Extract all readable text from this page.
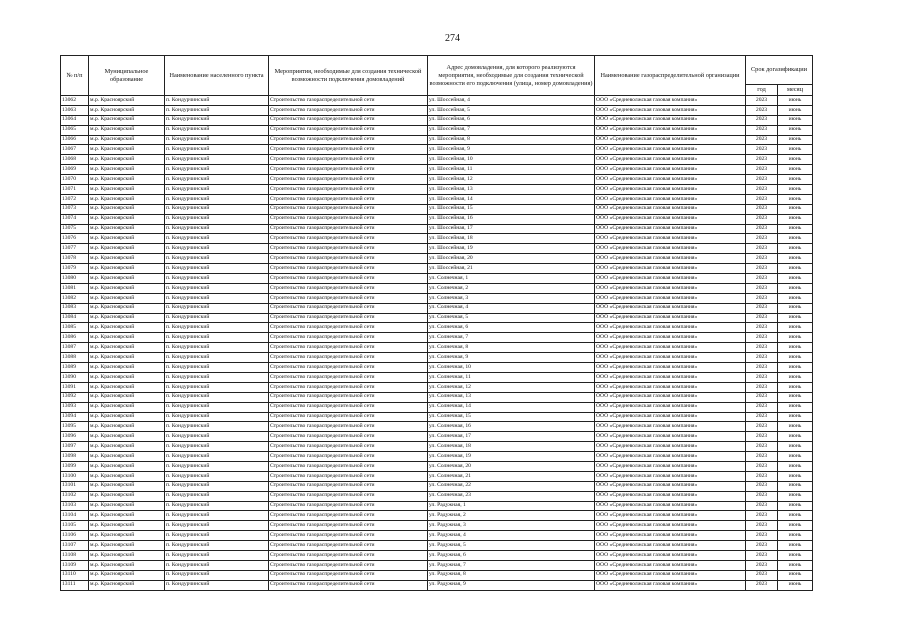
274
№ п/п	Муниципальное образование	Наименование населенного пункта	Мероприятия, необходимые для создания технической возможности подключения домовладений	Адрес домовладения, для которого реализуются мероприятия, необходимые для создания технической возможности его подключения (улица, номер домовладения)	Наименование газораспределительной организации	Срок догазификации	
						год	месяц
13062	м.р. Красноярский	п. Кондурчинский	Строительство газораспределительной сети	ул. Шоссейная, 4	ООО «Средневолжская газовая компания»	2023	июнь
13063	м.р. Красноярский	п. Кондурчинский	Строительство газораспределительной сети	ул. Шоссейная, 5	ООО «Средневолжская газовая компания»	2023	июнь
13064	м.р. Красноярский	п. Кондурчинский	Строительство газораспределительной сети	ул. Шоссейная, 6	ООО «Средневолжская газовая компания»	2023	июнь
13065	м.р. Красноярский	п. Кондурчинский	Строительство газораспределительной сети	ул. Шоссейная, 7	ООО «Средневолжская газовая компания»	2023	июнь
13066	м.р. Красноярский	п. Кондурчинский	Строительство газораспределительной сети	ул. Шоссейная, 8	ООО «Средневолжская газовая компания»	2023	июнь
13067	м.р. Красноярский	п. Кондурчинский	Строительство газораспределительной сети	ул. Шоссейная, 9	ООО «Средневолжская газовая компания»	2023	июнь
13068	м.р. Красноярский	п. Кондурчинский	Строительство газораспределительной сети	ул. Шоссейная, 10	ООО «Средневолжская газовая компания»	2023	июнь
13069	м.р. Красноярский	п. Кондурчинский	Строительство газораспределительной сети	ул. Шоссейная, 11	ООО «Средневолжская газовая компания»	2023	июнь
13070	м.р. Красноярский	п. Кондурчинский	Строительство газораспределительной сети	ул. Шоссейная, 12	ООО «Средневолжская газовая компания»	2023	июнь
13071	м.р. Красноярский	п. Кондурчинский	Строительство газораспределительной сети	ул. Шоссейная, 13	ООО «Средневолжская газовая компания»	2023	июнь
13072	м.р. Красноярский	п. Кондурчинский	Строительство газораспределительной сети	ул. Шоссейная, 14	ООО «Средневолжская газовая компания»	2023	июнь
13073	м.р. Красноярский	п. Кондурчинский	Строительство газораспределительной сети	ул. Шоссейная, 15	ООО «Средневолжская газовая компания»	2023	июнь
13074	м.р. Красноярский	п. Кондурчинский	Строительство газораспределительной сети	ул. Шоссейная, 16	ООО «Средневолжская газовая компания»	2023	июнь
13075	м.р. Красноярский	п. Кондурчинский	Строительство газораспределительной сети	ул. Шоссейная, 17	ООО «Средневолжская газовая компания»	2023	июнь
13076	м.р. Красноярский	п. Кондурчинский	Строительство газораспределительной сети	ул. Шоссейная, 18	ООО «Средневолжская газовая компания»	2023	июнь
13077	м.р. Красноярский	п. Кондурчинский	Строительство газораспределительной сети	ул. Шоссейная, 19	ООО «Средневолжская газовая компания»	2023	июнь
13078	м.р. Красноярский	п. Кондурчинский	Строительство газораспределительной сети	ул. Шоссейная, 20	ООО «Средневолжская газовая компания»	2023	июнь
13079	м.р. Красноярский	п. Кондурчинский	Строительство газораспределительной сети	ул. Шоссейная, 21	ООО «Средневолжская газовая компания»	2023	июнь
13080	м.р. Красноярский	п. Кондурчинский	Строительство газораспределительной сети	ул. Солнечная, 1	ООО «Средневолжская газовая компания»	2023	июнь
13081	м.р. Красноярский	п. Кондурчинский	Строительство газораспределительной сети	ул. Солнечная, 2	ООО «Средневолжская газовая компания»	2023	июнь
13082	м.р. Красноярский	п. Кондурчинский	Строительство газораспределительной сети	ул. Солнечная, 3	ООО «Средневолжская газовая компания»	2023	июнь
13083	м.р. Красноярский	п. Кондурчинский	Строительство газораспределительной сети	ул. Солнечная, 4	ООО «Средневолжская газовая компания»	2023	июнь
13084	м.р. Красноярский	п. Кондурчинский	Строительство газораспределительной сети	ул. Солнечная, 5	ООО «Средневолжская газовая компания»	2023	июнь
13085	м.р. Красноярский	п. Кондурчинский	Строительство газораспределительной сети	ул. Солнечная, 6	ООО «Средневолжская газовая компания»	2023	июнь
13086	м.р. Красноярский	п. Кондурчинский	Строительство газораспределительной сети	ул. Солнечная, 7	ООО «Средневолжская газовая компания»	2023	июнь
13087	м.р. Красноярский	п. Кондурчинский	Строительство газораспределительной сети	ул. Солнечная, 8	ООО «Средневолжская газовая компания»	2023	июнь
13088	м.р. Красноярский	п. Кондурчинский	Строительство газораспределительной сети	ул. Солнечная, 9	ООО «Средневолжская газовая компания»	2023	июнь
13089	м.р. Красноярский	п. Кондурчинский	Строительство газораспределительной сети	ул. Солнечная, 10	ООО «Средневолжская газовая компания»	2023	июнь
13090	м.р. Красноярский	п. Кондурчинский	Строительство газораспределительной сети	ул. Солнечная, 11	ООО «Средневолжская газовая компания»	2023	июнь
13091	м.р. Красноярский	п. Кондурчинский	Строительство газораспределительной сети	ул. Солнечная, 12	ООО «Средневолжская газовая компания»	2023	июнь
13092	м.р. Красноярский	п. Кондурчинский	Строительство газораспределительной сети	ул. Солнечная, 13	ООО «Средневолжская газовая компания»	2023	июнь
13093	м.р. Красноярский	п. Кондурчинский	Строительство газораспределительной сети	ул. Солнечная, 14	ООО «Средневолжская газовая компания»	2023	июнь
13094	м.р. Красноярский	п. Кондурчинский	Строительство газораспределительной сети	ул. Солнечная, 15	ООО «Средневолжская газовая компания»	2023	июнь
13095	м.р. Красноярский	п. Кондурчинский	Строительство газораспределительной сети	ул. Солнечная, 16	ООО «Средневолжская газовая компания»	2023	июнь
13096	м.р. Красноярский	п. Кондурчинский	Строительство газораспределительной сети	ул. Солнечная, 17	ООО «Средневолжская газовая компания»	2023	июнь
13097	м.р. Красноярский	п. Кондурчинский	Строительство газораспределительной сети	ул. Солнечная, 18	ООО «Средневолжская газовая компания»	2023	июнь
13098	м.р. Красноярский	п. Кондурчинский	Строительство газораспределительной сети	ул. Солнечная, 19	ООО «Средневолжская газовая компания»	2023	июнь
13099	м.р. Красноярский	п. Кондурчинский	Строительство газораспределительной сети	ул. Солнечная, 20	ООО «Средневолжская газовая компания»	2023	июнь
13100	м.р. Красноярский	п. Кондурчинский	Строительство газораспределительной сети	ул. Солнечная, 21	ООО «Средневолжская газовая компания»	2023	июнь
13101	м.р. Красноярский	п. Кондурчинский	Строительство газораспределительной сети	ул. Солнечная, 22	ООО «Средневолжская газовая компания»	2023	июнь
13102	м.р. Красноярский	п. Кондурчинский	Строительство газораспределительной сети	ул. Солнечная, 23	ООО «Средневолжская газовая компания»	2023	июнь
13103	м.р. Красноярский	п. Кондурчинский	Строительство газораспределительной сети	ул. Радужная, 1	ООО «Средневолжская газовая компания»	2023	июнь
13104	м.р. Красноярский	п. Кондурчинский	Строительство газораспределительной сети	ул. Радужная, 2	ООО «Средневолжская газовая компания»	2023	июнь
13105	м.р. Красноярский	п. Кондурчинский	Строительство газораспределительной сети	ул. Радужная, 3	ООО «Средневолжская газовая компания»	2023	июнь
13106	м.р. Красноярский	п. Кондурчинский	Строительство газораспределительной сети	ул. Радужная, 4	ООО «Средневолжская газовая компания»	2023	июнь
13107	м.р. Красноярский	п. Кондурчинский	Строительство газораспределительной сети	ул. Радужная, 5	ООО «Средневолжская газовая компания»	2023	июнь
13108	м.р. Красноярский	п. Кондурчинский	Строительство газораспределительной сети	ул. Радужная, 6	ООО «Средневолжская газовая компания»	2023	июнь
13109	м.р. Красноярский	п. Кондурчинский	Строительство газораспределительной сети	ул. Радужная, 7	ООО «Средневолжская газовая компания»	2023	июнь
13110	м.р. Красноярский	п. Кондурчинский	Строительство газораспределительной сети	ул. Радужная, 8	ООО «Средневолжская газовая компания»	2023	июнь
13111	м.р. Красноярский	п. Кондурчинский	Строительство газораспределительной сети	ул. Радужная, 9	ООО «Средневолжская газовая компания»	2023	июнь
